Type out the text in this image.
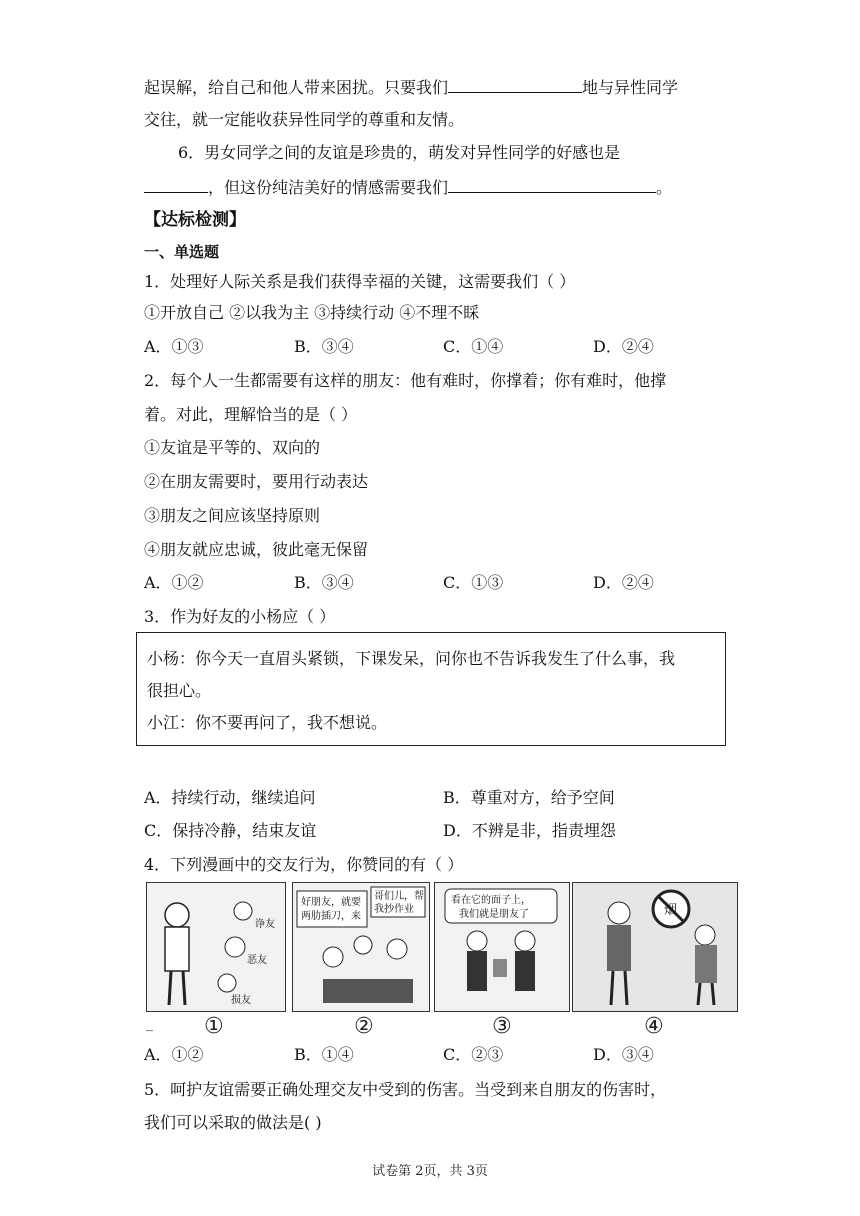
起误解，给自己和他人带来困扰。只要我们	地与异性同学
交往，就一定能收获异性同学的尊重和友情。
6．男女同学之间的友谊是珍贵的，萌发对异性同学的好感也是
，但这份纯洁美好的情感需要我们	。
【达标检测】
一、单选题
1．处理好人际关系是我们获得幸福的关键，这需要我们（ ）
①开放自己 ②以我为主 ③持续行动 ④不理不睬
A．①③	B．③④	C．①④	D．②④
2．每个人一生都需要有这样的朋友：他有难时，你撑着；你有难时，他撑
着。对此，理解恰当的是（ ）
①友谊是平等的、双向的
②在朋友需要时，要用行动表达
③朋友之间应该坚持原则
④朋友就应忠诚，彼此毫无保留
A．①②	B．③④	C．①③	D．②④
3．作为好友的小杨应（ ）
小杨：你今天一直眉头紧锁，下课发呆，问你也不告诉我发生了什么事，我
很担心。
小江：你不要再问了，我不想说。
A．持续行动，继续追问	B．尊重对方，给予空间
C．保持冷静，结束友谊	D．不辨是非，指责埋怨
4．下列漫画中的交友行为，你赞同的有（ ）
诤友
恶友
损友
好朋友，就要
两肋插刀，来
哥们儿，帮
我抄作业
看在它的面子上，
我们就是朋友了	烟
①	②	③	④
_
A．①②	B．①④	C．②③	D．③④
5．呵护友谊需要正确处理交友中受到的伤害。当受到来自朋友的伤害时，
我们可以采取的做法是( )
试卷第 2页，共 3页
